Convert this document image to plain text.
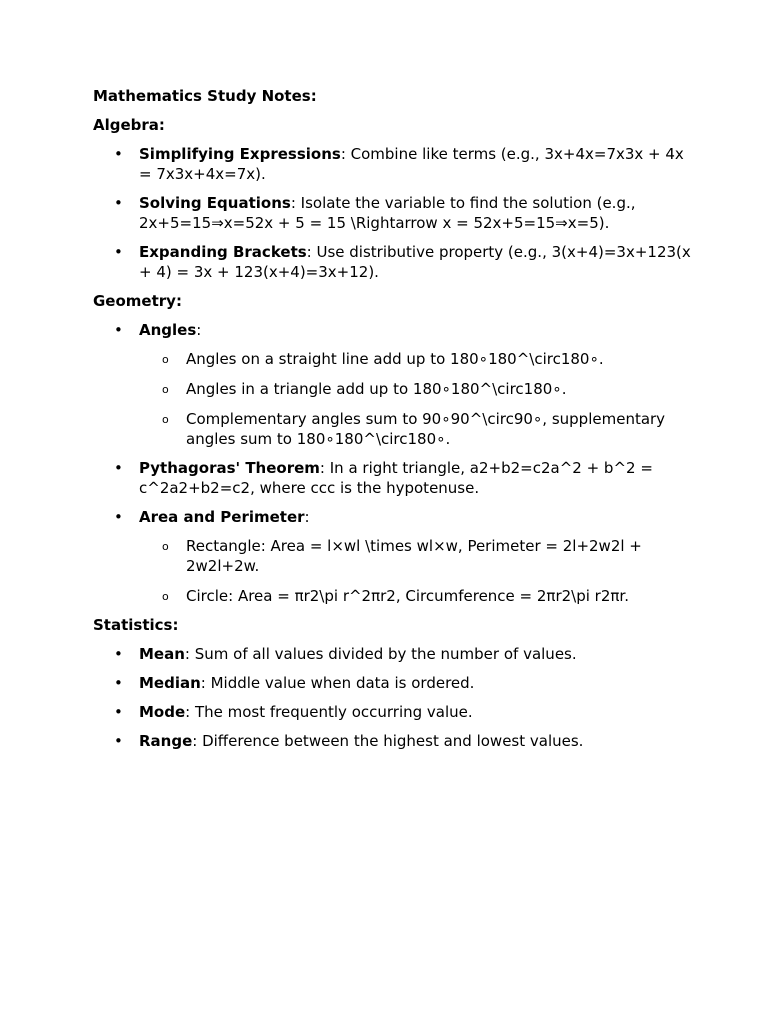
Mathematics Study Notes:

Algebra:

• Simplifying Expressions: Combine like terms (e.g., 3x+4x=7x3x + 4x = 7x3x+4x=7x).
• Solving Equations: Isolate the variable to find the solution (e.g., 2x+5=15⇒x=52x + 5 = 15 \Rightarrow x = 52x+5=15⇒x=5).
• Expanding Brackets: Use distributive property (e.g., 3(x+4)=3x+123(x + 4) = 3x + 123(x+4)=3x+12).

Geometry:

• Angles:
o Angles on a straight line add up to 180∘180^\circ180∘.
o Angles in a triangle add up to 180∘180^\circ180∘.
o Complementary angles sum to 90∘90^\circ90∘, supplementary angles sum to 180∘180^\circ180∘.
• Pythagoras' Theorem: In a right triangle, a2+b2=c2a^2 + b^2 = c^2a2+b2=c2, where ccc is the hypotenuse.
• Area and Perimeter:
o Rectangle: Area = l×wl \times wl×w, Perimeter = 2l+2w2l + 2w2l+2w.
o Circle: Area = πr2\pi r^2πr2, Circumference = 2πr2\pi r2πr.

Statistics:

• Mean: Sum of all values divided by the number of values.
• Median: Middle value when data is ordered.
• Mode: The most frequently occurring value.
• Range: Difference between the highest and lowest values.
